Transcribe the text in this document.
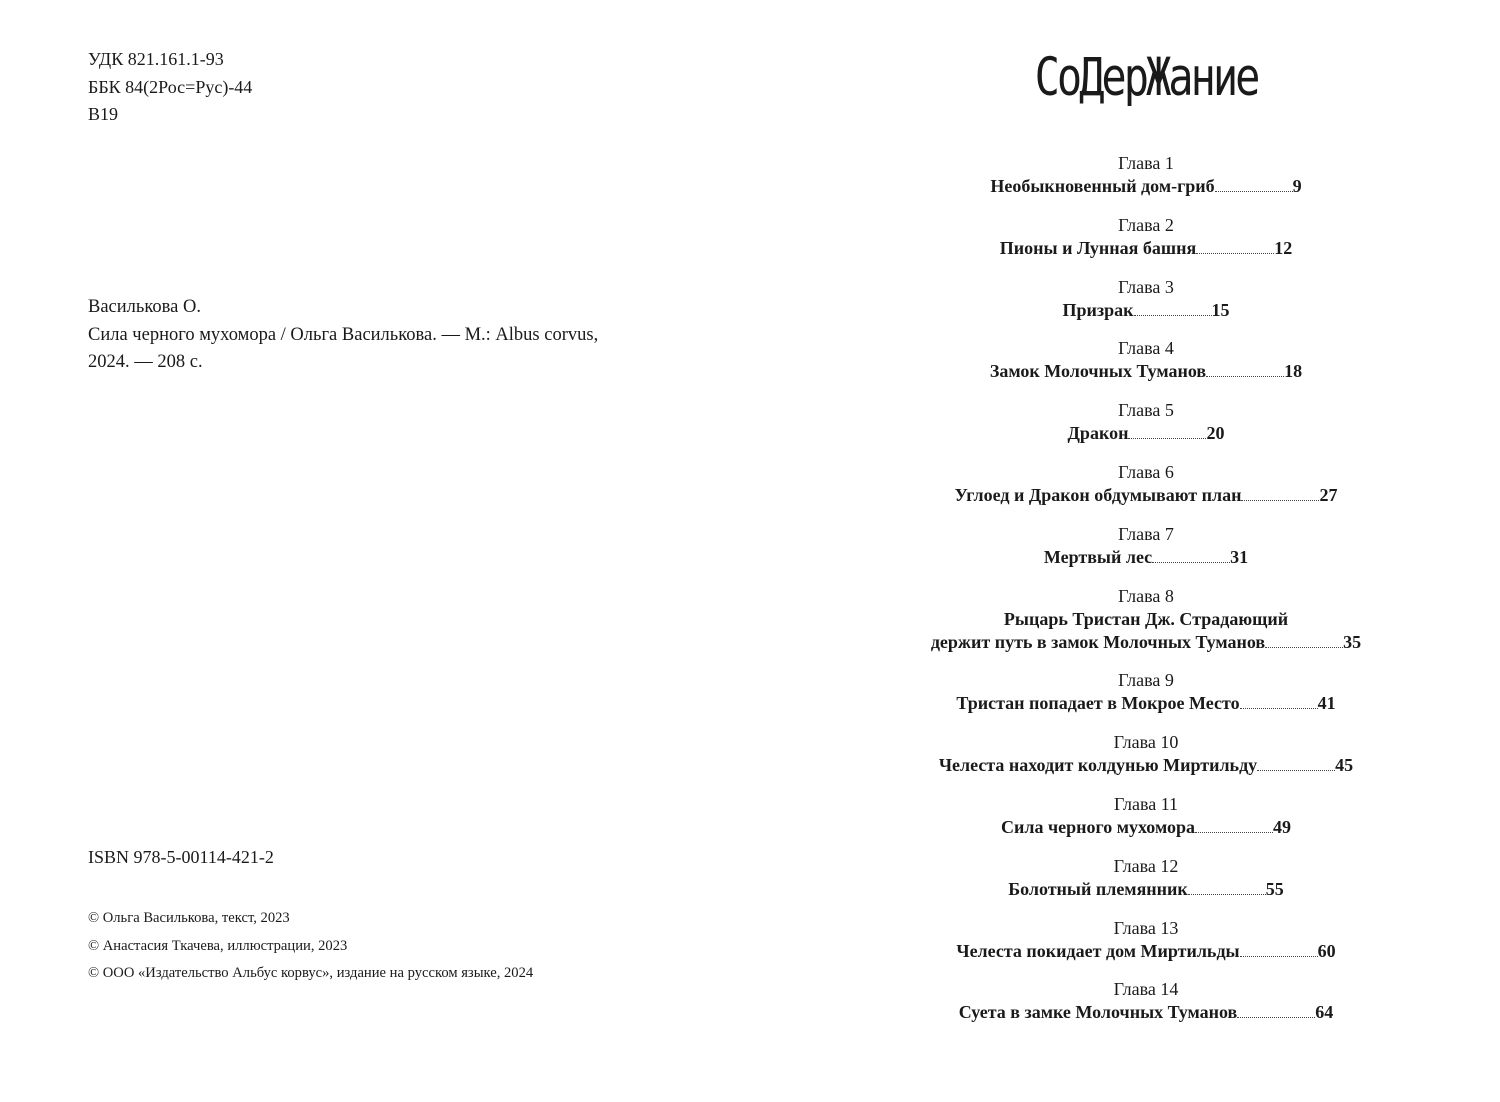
УДК 821.161.1-93

ББК 84(2Рос=Рус)-44

В19

Василькова О.

Сила черного мухомора / Ольга Василькова. — М.: Albus corvus,

2024. — 208 с.

ISBN 978-5-00114-421-2

© Ольга Василькова, текст, 2023

© Анастасия Ткачева, иллюстрации, 2023

© ООО «Издательство Альбус корвус», издание на русском языке, 2024

СоДерЖание
Глава 1
Необыкновенный дом-гриб	9
Глава 2
Пионы и Лунная башня	12
Глава 3
Призрак	15
Глава 4
Замок Молочных Туманов	18
Глава 5
Дракон	20
Глава 6
Углоед и Дракон обдумывают план	27
Глава 7
Мертвый лес	31
Глава 8
Рыцарь Тристан Дж. Страдающий
держит путь в замок Молочных Туманов	35
Глава 9
Тристан попадает в Мокрое Место	41
Глава 10
Челеста находит колдунью Миртильду	45
Глава 11
Сила черного мухомора	49
Глава 12
Болотный племянник	55
Глава 13
Челеста покидает дом Миртильды	60
Глава 14
Суета в замке Молочных Туманов	64
